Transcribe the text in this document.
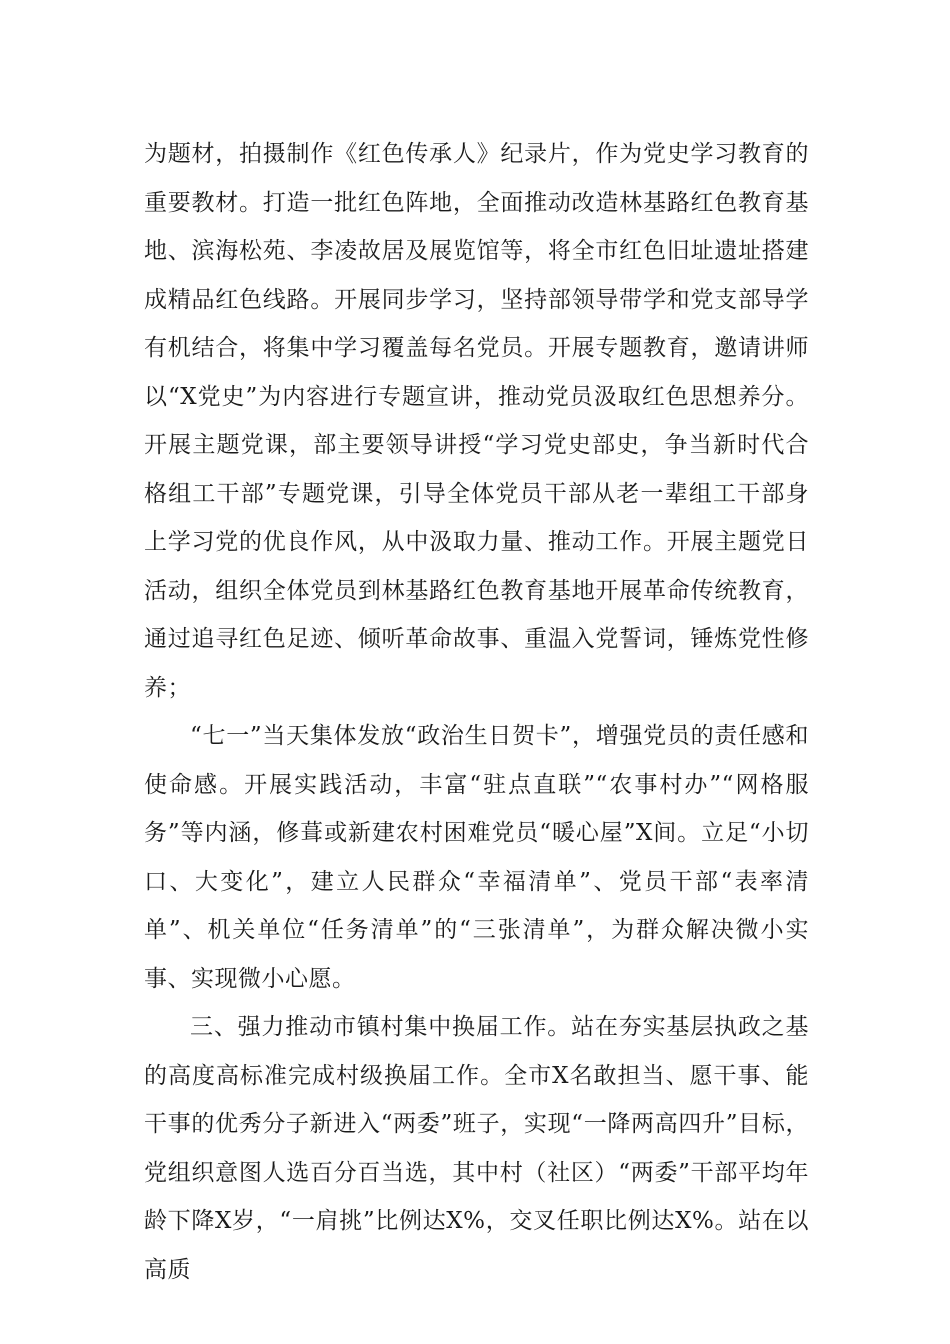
为题材，拍摄制作《红色传承人》纪录片，作为党史学习教育的重要教材。打造一批红色阵地，全面推动改造林基路红色教育基地、滨海松苑、李凌故居及展览馆等，将全市红色旧址遗址搭建成精品红色线路。开展同步学习，坚持部领导带学和党支部导学有机结合，将集中学习覆盖每名党员。开展专题教育，邀请讲师以“X党史”为内容进行专题宣讲，推动党员汲取红色思想养分。开展主题党课，部主要领导讲授“学习党史部史，争当新时代合格组工干部”专题党课，引导全体党员干部从老一辈组工干部身上学习党的优良作风，从中汲取力量、推动工作。开展主题党日活动，组织全体党员到林基路红色教育基地开展革命传统教育，通过追寻红色足迹、倾听革命故事、重温入党誓词，锤炼党性修养；

“七一”当天集体发放“政治生日贺卡”，增强党员的责任感和使命感。开展实践活动，丰富“驻点直联”“农事村办”“网格服务”等内涵，修葺或新建农村困难党员“暖心屋”X间。立足“小切口、大变化”，建立人民群众“幸福清单”、党员干部“表率清单”、机关单位“任务清单”的“三张清单”，为群众解决微小实事、实现微小心愿。

三、强力推动市镇村集中换届工作。站在夯实基层执政之基的高度高标准完成村级换届工作。全市X名敢担当、愿干事、能干事的优秀分子新进入“两委”班子，实现“一降两高四升”目标，党组织意图人选百分百当选，其中村（社区）“两委”干部平均年龄下降X岁，“一肩挑”比例达X%，交叉任职比例达X%。站在以高质
